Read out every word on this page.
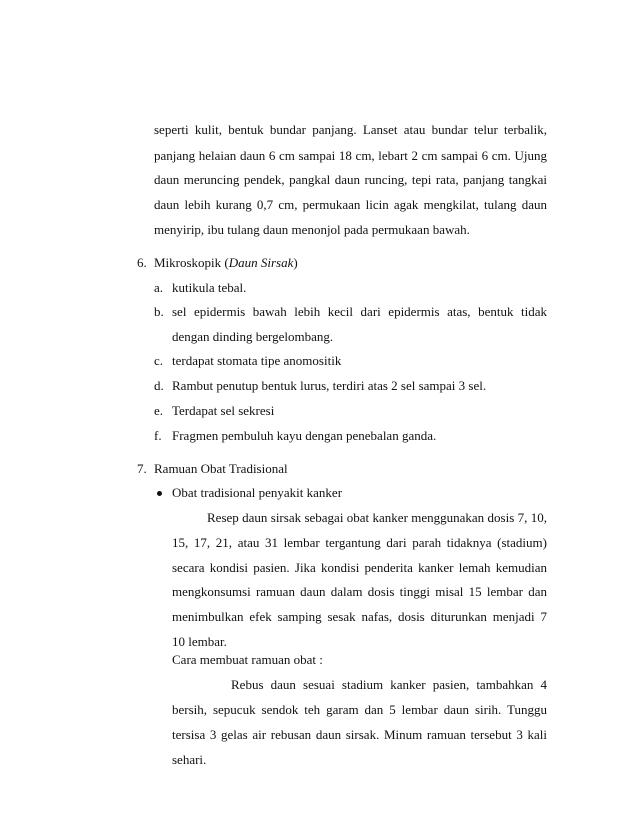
seperti kulit, bentuk bundar panjang. Lanset atau bundar telur terbalik,
panjang helaian daun 6 cm sampai 18 cm, lebart 2 cm sampai 6 cm. Ujung
daun meruncing pendek, pangkal daun runcing, tepi rata, panjang tangkai
daun lebih kurang 0,7 cm, permukaan licin agak mengkilat, tulang daun
menyirip, ibu tulang daun menonjol pada permukaan bawah.
6. Mikroskopik (Daun Sirsak)
a. kutikula tebal.
b. sel epidermis bawah lebih kecil dari epidermis atas, bentuk tidak
dengan dinding bergelombang.
c. terdapat stomata tipe anomositik
d. Rambut penutup bentuk lurus, terdiri atas 2 sel sampai 3 sel.
e. Terdapat sel sekresi
f. Fragmen pembuluh kayu dengan penebalan ganda.
7. Ramuan Obat Tradisional
Obat tradisional penyakit kanker
Resep daun sirsak sebagai obat kanker menggunakan dosis 7, 10,
15, 17, 21, atau 31 lembar tergantung dari parah tidaknya (stadium)
secara kondisi pasien. Jika kondisi penderita kanker lemah kemudian
mengkonsumsi ramuan daun dalam dosis tinggi misal 15 lembar dan
menimbulkan efek samping sesak nafas, dosis diturunkan menjadi 7
10 lembar.
Cara membuat ramuan obat :
Rebus daun sesuai stadium kanker pasien, tambahkan 4
bersih, sepucuk sendok teh garam dan 5 lembar daun sirih. Tunggu
tersisa 3 gelas air rebusan daun sirsak. Minum ramuan tersebut 3 kali
sehari.
